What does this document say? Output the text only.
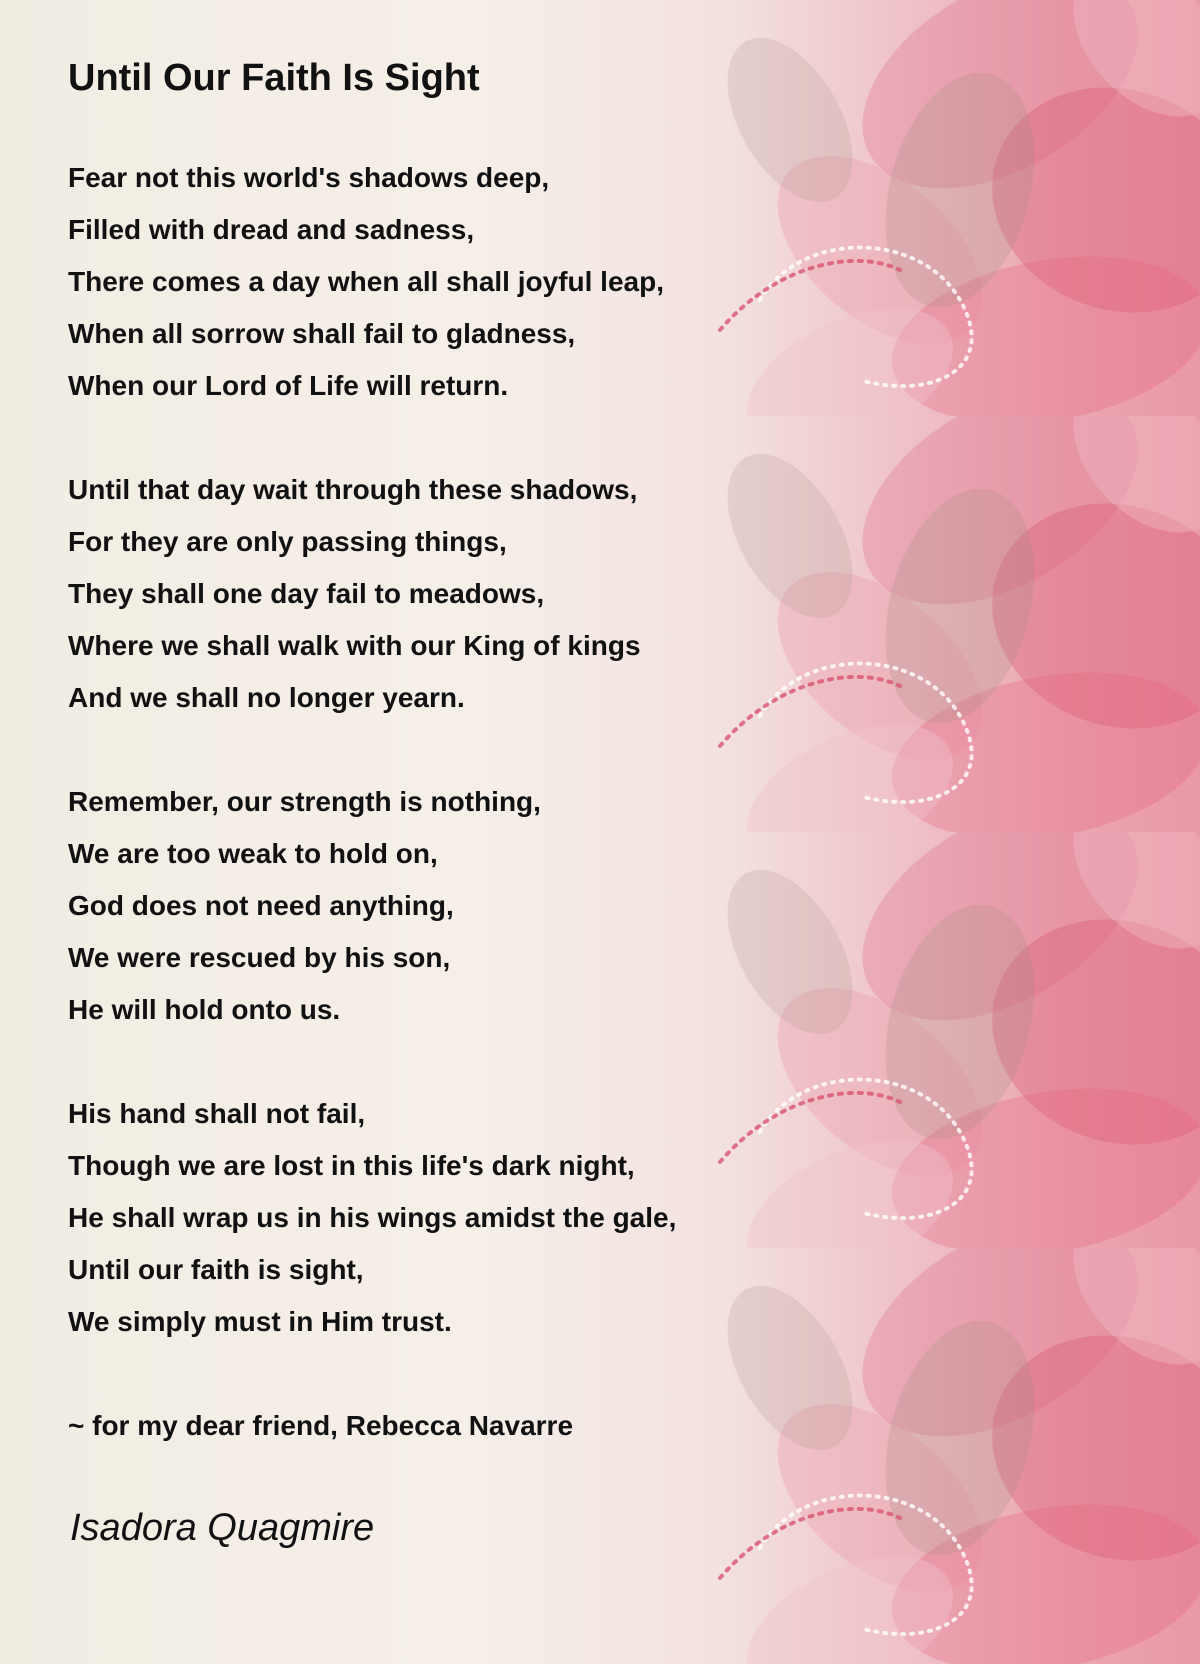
Until Our Faith Is Sight
Fear not this world's shadows deep,
Filled with dread and sadness,
There comes a day when all shall joyful leap,
When all sorrow shall fail to gladness,
When our Lord of Life will return.
Until that day wait through these shadows,
For they are only passing things,
They shall one day fail to meadows,
Where we shall walk with our King of kings
And we shall no longer yearn.
Remember, our strength is nothing,
We are too weak to hold on,
God does not need anything,
We were rescued by his son,
He will hold onto us.
His hand shall not fail,
Though we are lost in this life's dark night,
He shall wrap us in his wings amidst the gale,
Until our faith is sight,
We simply must in Him trust.
~ for my dear friend, Rebecca Navarre

Isadora Quagmire
